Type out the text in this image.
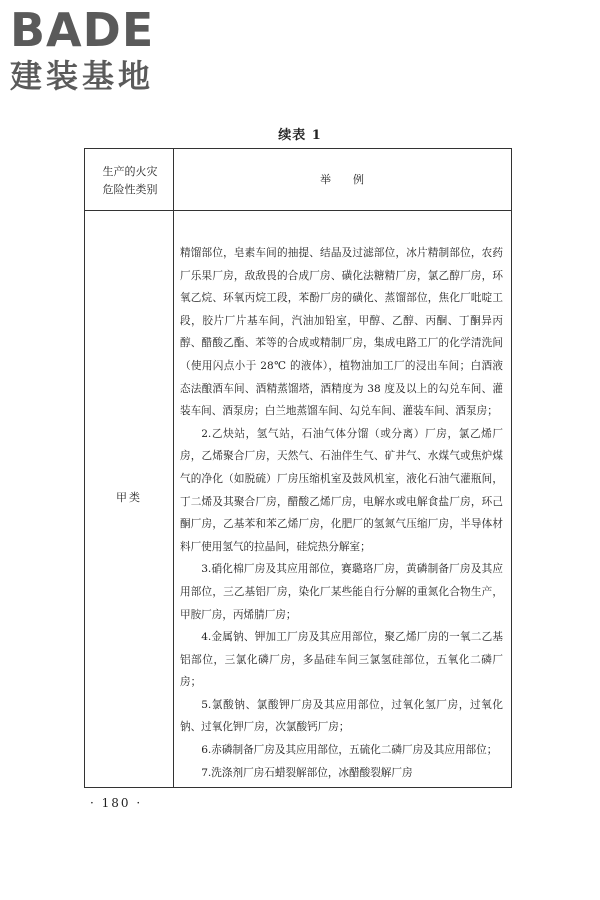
BADE
建装基地
续表 1
生产的火灾
危险性类别
举例
甲类

精馏部位，皂素车间的抽提、结晶及过滤部位，冰片精制部位，农药厂乐果厂房，敌敌畏的合成厂房、磺化法糖精厂房，氯乙醇厂房，环氧乙烷、环氧丙烷工段，苯酚厂房的磺化、蒸馏部位，焦化厂吡啶工段，胶片厂片基车间，汽油加铅室，甲醇、乙醇、丙酮、丁酮异丙醇、醋酸乙酯、苯等的合成或精制厂房，集成电路工厂的化学清洗间（使用闪点小于 28℃ 的液体），植物油加工厂的浸出车间；白酒液态法酿酒车间、酒精蒸馏塔，酒精度为 38 度及以上的勾兑车间、灌装车间、酒泵房；白兰地蒸馏车间、勾兑车间、灌装车间、酒泵房；

2.乙炔站，氢气站，石油气体分馏（或分离）厂房，氯乙烯厂房，乙烯聚合厂房，天然气、石油伴生气、矿井气、水煤气或焦炉煤气的净化（如脱硫）厂房压缩机室及鼓风机室，液化石油气灌瓶间，丁二烯及其聚合厂房，醋酸乙烯厂房，电解水或电解食盐厂房，环己酮厂房，乙基苯和苯乙烯厂房，化肥厂的氢氮气压缩厂房，半导体材料厂使用氢气的拉晶间，硅烷热分解室；

3.硝化棉厂房及其应用部位，赛璐珞厂房，黄磷制备厂房及其应用部位，三乙基铝厂房，染化厂某些能自行分解的重氮化合物生产，甲胺厂房，丙烯腈厂房；

4.金属钠、钾加工厂房及其应用部位，聚乙烯厂房的一氧二乙基铝部位，三氯化磷厂房，多晶硅车间三氯氢硅部位，五氧化二磷厂房；

5.氯酸钠、氯酸钾厂房及其应用部位，过氧化氢厂房，过氧化钠、过氧化钾厂房，次氯酸钙厂房；

6.赤磷制备厂房及其应用部位，五硫化二磷厂房及其应用部位；

7.洗涤剂厂房石蜡裂解部位，冰醋酸裂解厂房

· 180 ·
